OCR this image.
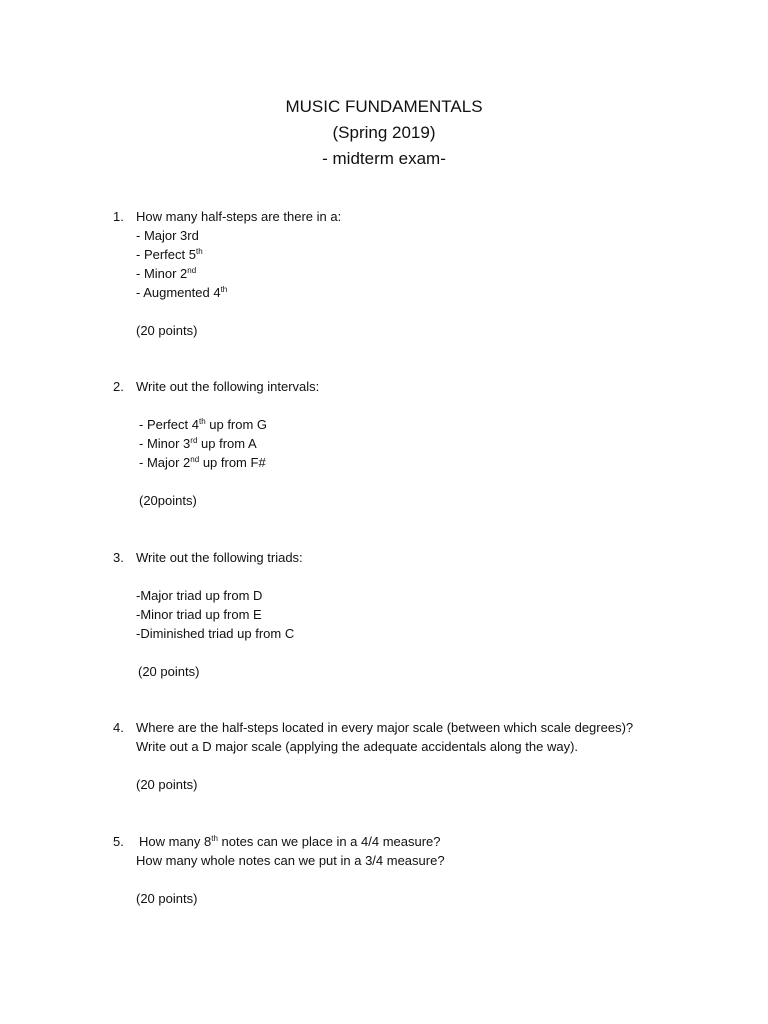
MUSIC FUNDAMENTALS
(Spring 2019)
- midterm exam-
1. How many half-steps are there in a:
- Major 3rd
- Perfect 5th
- Minor 2nd
- Augmented 4th
(20 points)
2. Write out the following intervals:
- Perfect 4th up from G
- Minor 3rd up from A
- Major 2nd up from F#
(20points)
3. Write out the following triads:
-Major triad up from D
-Minor triad up from E
-Diminished triad up from C
(20 points)
4. Where are the half-steps located in every major scale (between which scale degrees)?
Write out a D major scale (applying the adequate accidentals along the way).
(20 points)
5. How many 8th notes can we place in a 4/4 measure?
How many whole notes can we put in a 3/4 measure?
(20 points)
